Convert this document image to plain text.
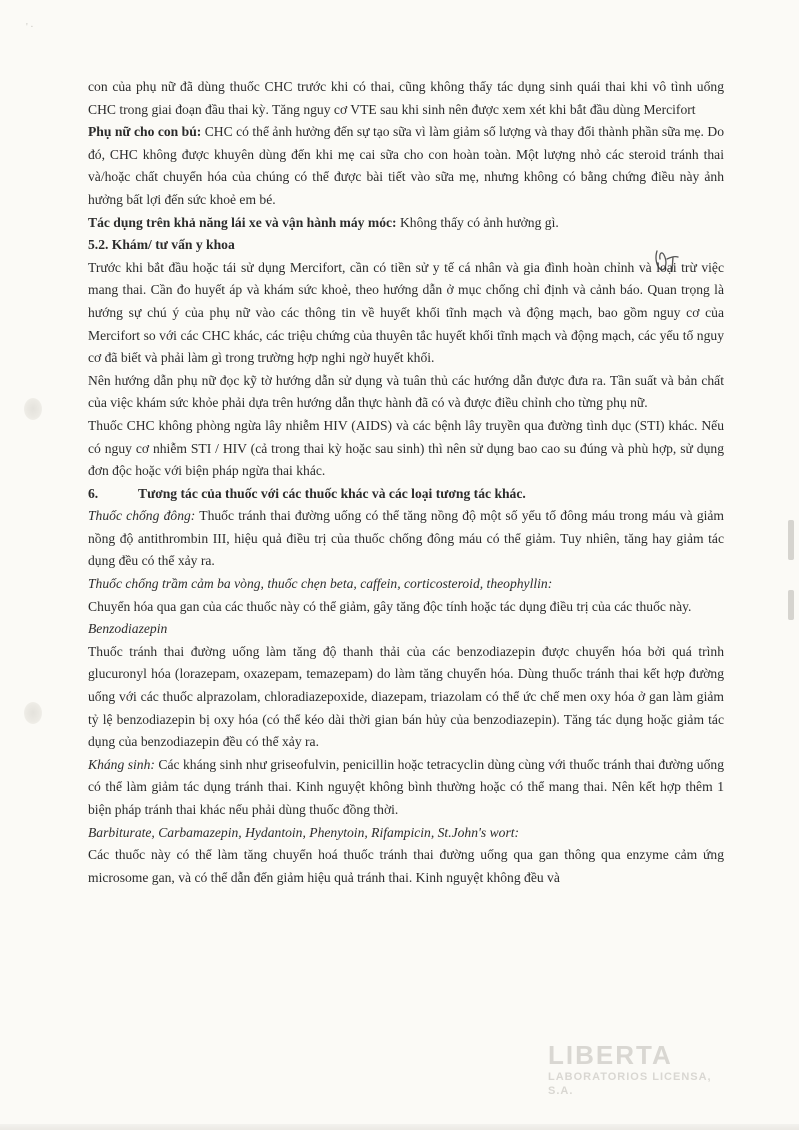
' ·

con của phụ nữ đã dùng thuốc CHC trước khi có thai, cũng không thấy tác dụng sinh quái thai khi vô tình uống CHC trong giai đoạn đầu thai kỳ. Tăng nguy cơ VTE sau khi sinh nên được xem xét khi bắt đầu dùng Mercifort

Phụ nữ cho con bú: CHC có thể ảnh hưởng đến sự tạo sữa vì làm giảm số lượng và thay đổi thành phần sữa mẹ. Do đó, CHC không được khuyên dùng đến khi mẹ cai sữa cho con hoàn toàn. Một lượng nhỏ các steroid tránh thai và/hoặc chất chuyển hóa của chúng có thể được bài tiết vào sữa mẹ, nhưng không có bằng chứng điều này ảnh hưởng bất lợi đến sức khoẻ em bé.

Tác dụng trên khả năng lái xe và vận hành máy móc: Không thấy có ảnh hưởng gì.

5.2. Khám/ tư vấn y khoa

Trước khi bắt đầu hoặc tái sử dụng Mercifort, cần có tiền sử y tế cá nhân và gia đình hoàn chỉnh và loại trừ việc mang thai. Cần đo huyết áp và khám sức khoẻ, theo hướng dẫn ở mục chống chỉ định và cảnh báo. Quan trọng là hướng sự chú ý của phụ nữ vào các thông tin về huyết khối tĩnh mạch và động mạch, bao gồm nguy cơ của Mercifort so với các CHC khác, các triệu chứng của thuyên tắc huyết khối tĩnh mạch và động mạch, các yếu tố nguy cơ đã biết và phải làm gì trong trường hợp nghi ngờ huyết khối.

Nên hướng dẫn phụ nữ đọc kỹ tờ hướng dẫn sử dụng và tuân thủ các hướng dẫn được đưa ra. Tần suất và bản chất của việc khám sức khỏe phải dựa trên hướng dẫn thực hành đã có và được điều chỉnh cho từng phụ nữ.

Thuốc CHC không phòng ngừa lây nhiễm HIV (AIDS) và các bệnh lây truyền qua đường tình dục (STI) khác. Nếu có nguy cơ nhiễm STI / HIV (cả trong thai kỳ hoặc sau sinh) thì nên sử dụng bao cao su đúng và phù hợp, sử dụng đơn độc hoặc với biện pháp ngừa thai khác.

6.	Tương tác của thuốc với các thuốc khác và các loại tương tác khác.

Thuốc chống đông: Thuốc tránh thai đường uống có thể tăng nồng độ một số yếu tố đông máu trong máu và giảm nồng độ antithrombin III, hiệu quả điều trị của thuốc chống đông máu có thể giảm. Tuy nhiên, tăng hay giảm tác dụng đều có thể xảy ra.

Thuốc chống trầm cảm ba vòng, thuốc chẹn beta, caffein, corticosteroid, theophyllin:

Chuyển hóa qua gan của các thuốc này có thể giảm, gây tăng độc tính hoặc tác dụng điều trị của các thuốc này.

Benzodiazepin

Thuốc tránh thai đường uống làm tăng độ thanh thải của các benzodiazepin được chuyển hóa bởi quá trình glucuronyl hóa (lorazepam, oxazepam, temazepam) do làm tăng chuyển hóa. Dùng thuốc tránh thai kết hợp đường uống với các thuốc alprazolam, chloradiazepoxide, diazepam, triazolam có thể ức chế men oxy hóa ở gan làm giảm tỷ lệ benzodiazepin bị oxy hóa (có thể kéo dài thời gian bán hủy của benzodiazepin). Tăng tác dụng hoặc giảm tác dụng của benzodiazepin đều có thể xảy ra.

Kháng sinh: Các kháng sinh như griseofulvin, penicillin hoặc tetracyclin dùng cùng với thuốc tránh thai đường uống có thể làm giảm tác dụng tránh thai. Kinh nguyệt không bình thường hoặc có thể mang thai. Nên kết hợp thêm 1 biện pháp tránh thai khác nếu phải dùng thuốc đồng thời.

Barbiturate, Carbamazepin, Hydantoin, Phenytoin, Rifampicin, St.John's wort:

Các thuốc này có thể làm tăng chuyển hoá thuốc tránh thai đường uống qua gan thông qua enzyme cảm ứng microsome gan, và có thể dẫn đến giảm hiệu quả tránh thai. Kinh nguyệt không đều và

LIBERTA
LABORATORIOS LICENSA, S.A.
